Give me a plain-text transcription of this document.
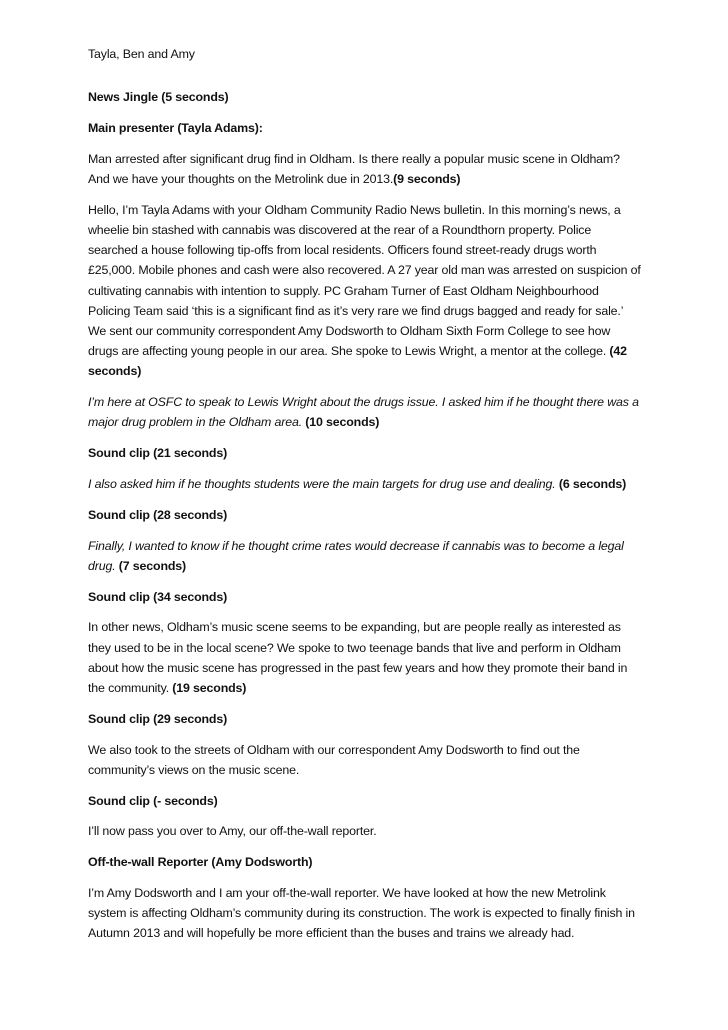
Tayla, Ben and Amy

News Jingle (5 seconds)

Main presenter (Tayla Adams):

Man arrested after significant drug find in Oldham. Is there really a popular music scene in Oldham? And we have your thoughts on the Metrolink due in 2013.(9 seconds)

Hello, I’m Tayla Adams with your Oldham Community Radio News bulletin. In this morning’s news, a wheelie bin stashed with cannabis was discovered at the rear of a Roundthorn property. Police searched a house following tip-offs from local residents. Officers found street-ready drugs worth £25,000. Mobile phones and cash were also recovered. A 27 year old man was arrested on suspicion of cultivating cannabis with intention to supply. PC Graham Turner of East Oldham Neighbourhood Policing Team said ‘this is a significant find as it’s very rare we find drugs bagged and ready for sale.’ We sent our community correspondent Amy Dodsworth to Oldham Sixth Form College to see how drugs are affecting young people in our area. She spoke to Lewis Wright, a mentor at the college. (42 seconds)

I’m here at OSFC to speak to Lewis Wright about the drugs issue. I asked him if he thought there was a major drug problem in the Oldham area. (10 seconds)

Sound clip (21 seconds)

I also asked him if he thoughts students were the main targets for drug use and dealing. (6 seconds)

Sound clip (28 seconds)

Finally, I wanted to know if he thought crime rates would decrease if cannabis was to become a legal drug. (7 seconds)

Sound clip (34 seconds)

In other news, Oldham’s music scene seems to be expanding, but are people really as interested as they used to be in the local scene? We spoke to two teenage bands that live and perform in Oldham about how the music scene has progressed in the past few years and how they promote their band in the community. (19 seconds)

Sound clip (29 seconds)

We also took to the streets of Oldham with our correspondent Amy Dodsworth to find out the community’s views on the music scene.

Sound clip (- seconds)

I’ll now pass you over to Amy, our off-the-wall reporter.

Off-the-wall Reporter (Amy Dodsworth)

I’m Amy Dodsworth and I am your off-the-wall reporter. We have looked at how the new Metrolink system is affecting Oldham’s community during its construction. The work is expected to finally finish in Autumn 2013 and will hopefully be more efficient than the buses and trains we already had.
